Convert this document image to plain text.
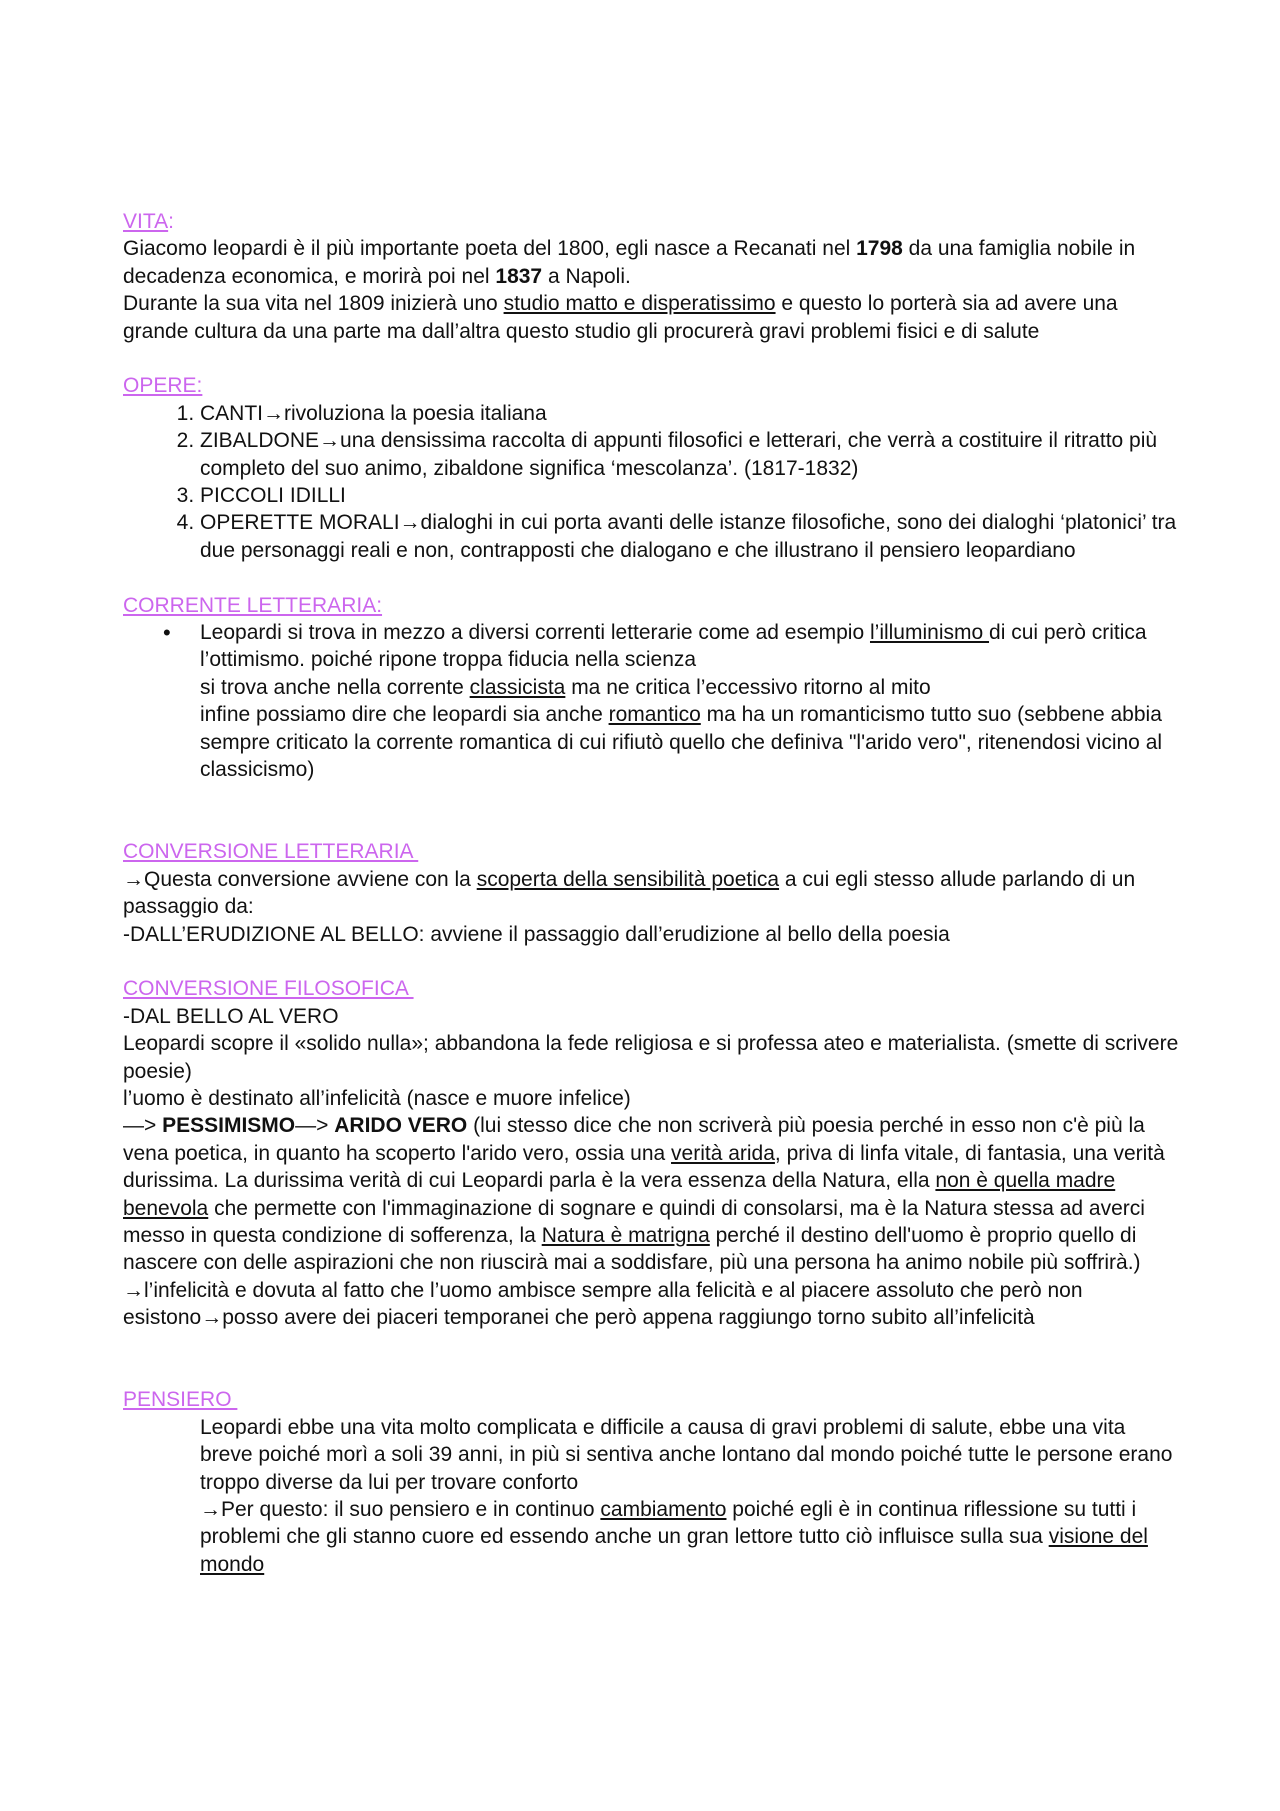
VITA:
Giacomo leopardi è il più importante poeta del 1800, egli nasce a Recanati nel 1798 da una famiglia nobile in decadenza economica, e morirà poi nel 1837 a Napoli.
Durante la sua vita nel 1809 inizierà uno studio matto e disperatissimo e questo lo porterà sia ad avere una grande cultura da una parte ma dall’altra questo studio gli procurerà gravi problemi fisici e di salute
OPERE:
1. CANTI→rivoluziona la poesia italiana
2. ZIBALDONE→una densissima raccolta di appunti filosofici e letterari, che verrà a costituire il ritratto più completo del suo animo, zibaldone significa ‘mescolanza’. (1817-1832)
3. PICCOLI IDILLI
4. OPERETTE MORALI→dialoghi in cui porta avanti delle istanze filosofiche, sono dei dialoghi ‘platonici’ tra due personaggi reali e non, contrapposti che dialogano e che illustrano il pensiero leopardiano
CORRENTE LETTERARIA:
• Leopardi si trova in mezzo a diversi correnti letterarie come ad esempio l’illuminismo di cui però critica l’ottimismo. poiché ripone troppa fiducia nella scienza
si trova anche nella corrente classicista ma ne critica l’eccessivo ritorno al mito
infine possiamo dire che leopardi sia anche romantico ma ha un romanticismo tutto suo (sebbene abbia sempre criticato la corrente romantica di cui rifiutò quello che definiva "l'arido vero", ritenendosi vicino al classicismo)
CONVERSIONE LETTERARIA
→Questa conversione avviene con la scoperta della sensibilità poetica a cui egli stesso allude parlando di un passaggio da:
-DALL’ERUDIZIONE AL BELLO: avviene il passaggio dall’erudizione al bello della poesia
CONVERSIONE FILOSOFICA
-DAL BELLO AL VERO
Leopardi scopre il «solido nulla»; abbandona la fede religiosa e si professa ateo e materialista. (smette di scrivere poesie)
l’uomo è destinato all’infelicità (nasce e muore infelice)
—> PESSIMISMO—> ARIDO VERO (lui stesso dice che non scriverà più poesia perché in esso non c'è più la vena poetica, in quanto ha scoperto l'arido vero, ossia una verità arida, priva di linfa vitale, di fantasia, una verità durissima. La durissima verità di cui Leopardi parla è la vera essenza della Natura, ella non è quella madre benevola che permette con l'immaginazione di sognare e quindi di consolarsi, ma è la Natura stessa ad averci messo in questa condizione di sofferenza, la Natura è matrigna perché il destino dell'uomo è proprio quello di nascere con delle aspirazioni che non riuscirà mai a soddisfare, più una persona ha animo nobile più soffrirà.)
→l’infelicità e dovuta al fatto che l’uomo ambisce sempre alla felicità e al piacere assoluto che però non esistono→posso avere dei piaceri temporanei che però appena raggiungo torno subito all’infelicità
PENSIERO
Leopardi ebbe una vita molto complicata e difficile a causa di gravi problemi di salute, ebbe una vita breve poiché morì a soli 39 anni, in più si sentiva anche lontano dal mondo poiché tutte le persone erano troppo diverse da lui per trovare conforto
→Per questo: il suo pensiero e in continuo cambiamento poiché egli è in continua riflessione su tutti i problemi che gli stanno cuore ed essendo anche un gran lettore tutto ciò influisce sulla sua visione del mondo
